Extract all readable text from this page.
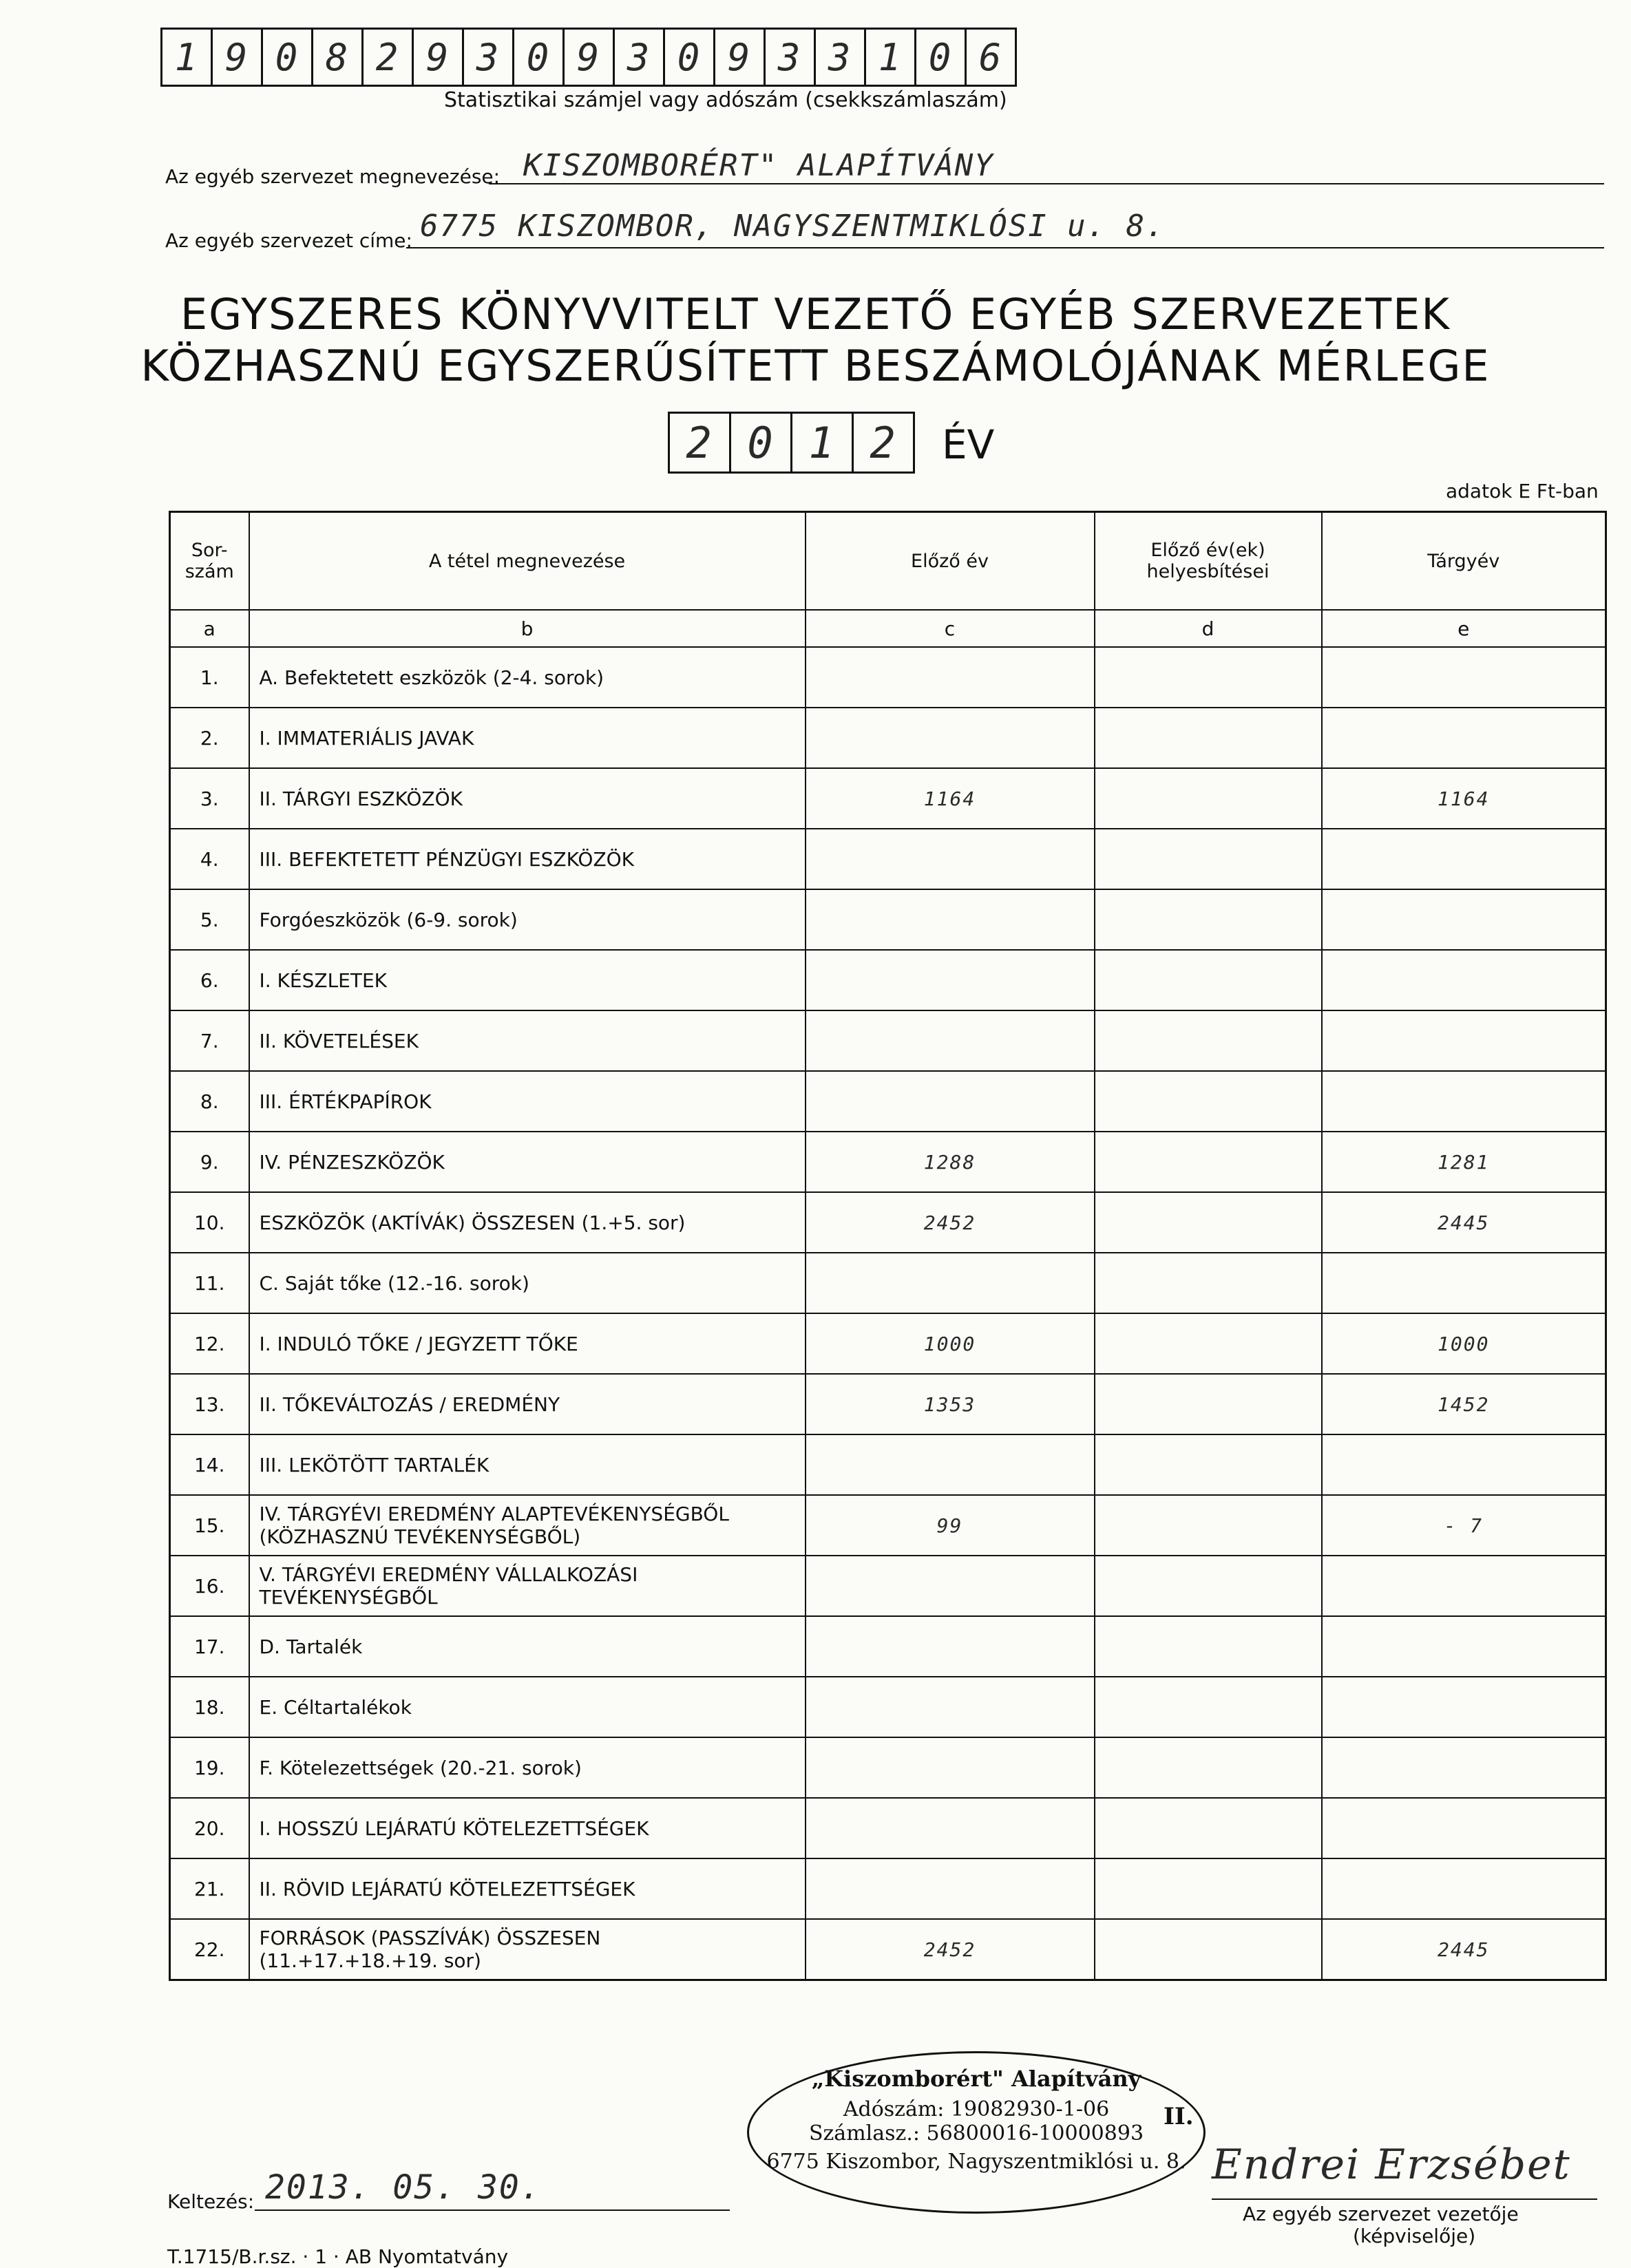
1 9 0 8 2 9 3 0 9 3 0 9 3 3 1 0 6
Statisztikai számjel vagy adószám (csekkszámlaszám)
Az egyéb szervezet megnevezése: KISZOMBORÉRT" ALAPÍTVÁNY
Az egyéb szervezet címe: 6775 KISZOMBOR, NAGYSZENTMIKLÓSI u. 8.
EGYSZERES KÖNYVVITELT VEZETŐ EGYÉB SZERVEZETEK
KÖZHASZNÚ EGYSZERŰSÍTETT BESZÁMOLÓJÁNAK MÉRLEGE
2 0 1 2	ÉV
adatok E Ft-ban
Sor-
szám	A tétel megnevezése	Előző év	Előző év(ek)
helyesbítései	Tárgyév
a	b	c	d	e
1.	A. Befektetett eszközök (2-4. sorok)			
2.	I. IMMATERIÁLIS JAVAK			
3.	II. TÁRGYI ESZKÖZÖK	1164		1164
4.	III. BEFEKTETETT PÉNZÜGYI ESZKÖZÖK			
5.	Forgóeszközök (6-9. sorok)			
6.	I. KÉSZLETEK			
7.	II. KÖVETELÉSEK			
8.	III. ÉRTÉKPAPÍROK			
9.	IV. PÉNZESZKÖZÖK	1288		1281
10.	ESZKÖZÖK (AKTÍVÁK) ÖSSZESEN (1.+5. sor)	2452		2445
11.	C. Saját tőke (12.-16. sorok)			
12.	I. INDULÓ TŐKE / JEGYZETT TŐKE	1000		1000
13.	II. TŐKEVÁLTOZÁS / EREDMÉNY	1353		1452
14.	III. LEKÖTÖTT TARTALÉK			
15.	IV. TÁRGYÉVI EREDMÉNY ALAPTEVÉKENYSÉGBŐL
(KÖZHASZNÚ TEVÉKENYSÉGBŐL)	99		- 7
16.	V. TÁRGYÉVI EREDMÉNY VÁLLALKOZÁSI TEVÉKENYSÉGBŐL			
17.	D. Tartalék			
18.	E. Céltartalékok			
19.	F. Kötelezettségek (20.-21. sorok)			
20.	I. HOSSZÚ LEJÁRATÚ KÖTELEZETTSÉGEK			
21.	II. RÖVID LEJÁRATÚ KÖTELEZETTSÉGEK			
22.	FORRÁSOK (PASSZÍVÁK) ÖSSZESEN
(11.+17.+18.+19. sor)	2452		2445
Keltezés: 2013. 05. 30.
T.1715/B.r.sz. · 1 · AB Nyomtatvány
„Kiszomborért" Alapítvány
Adószám: 19082930-1-06
Számlasz.: 56800016-10000893
6775 Kiszombor, Nagyszentmiklósi u. 8.
II.
Endrei Erzsébet
Az egyéb szervezet vezetője
(képviselője)
